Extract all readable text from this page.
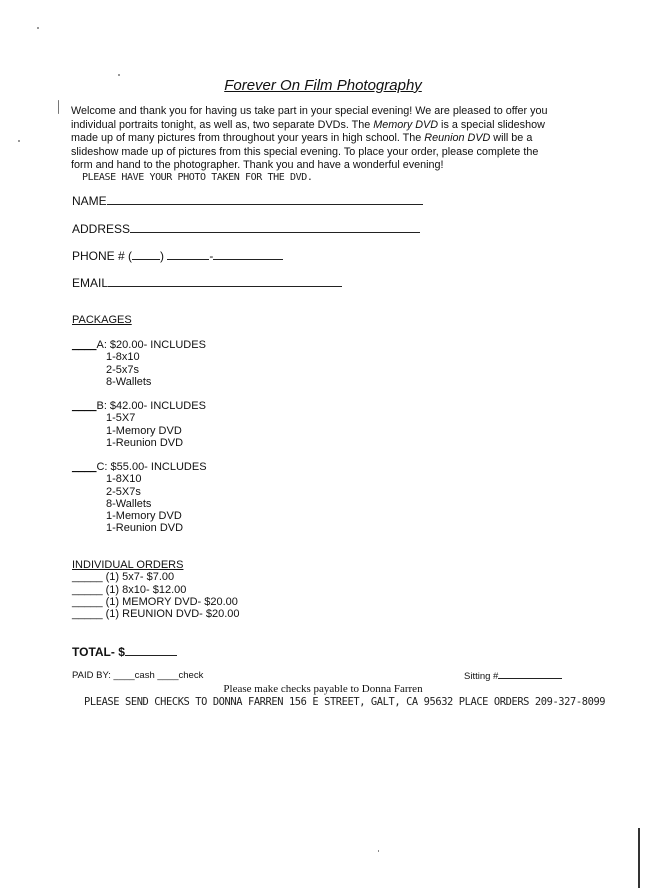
Forever On Film Photography
Welcome and thank you for having us take part in your special evening! We are pleased to offer you individual portraits tonight, as well as, two separate DVDs. The Memory DVD is a special slideshow made up of many pictures from throughout your years in high school. The Reunion DVD will be a slideshow made up of pictures from this special evening. To place your order, please complete the form and hand to the photographer. Thank you and have a wonderful evening!
PLEASE HAVE YOUR PHOTO TAKEN FOR THE DVD.
NAME
ADDRESS
PHONE # ( )	-
EMAIL
PACKAGES
____A: $20.00- INCLUDES
1-8x10
2-5x7s
8-Wallets
____B: $42.00- INCLUDES
1-5X7
1-Memory DVD
1-Reunion DVD
____C: $55.00- INCLUDES
1-8X10
2-5X7s
8-Wallets
1-Memory DVD
1-Reunion DVD
INDIVIDUAL ORDERS
_____ (1) 5x7- $7.00
_____ (1) 8x10- $12.00
_____ (1) MEMORY DVD- $20.00
_____ (1) REUNION DVD- $20.00
TOTAL- $
PAID BY: ____cash ____check	Sitting #
Please make checks payable to Donna Farren
PLEASE SEND CHECKS TO DONNA FARREN 156 E STREET, GALT, CA 95632 PLACE ORDERS 209-327-8099
